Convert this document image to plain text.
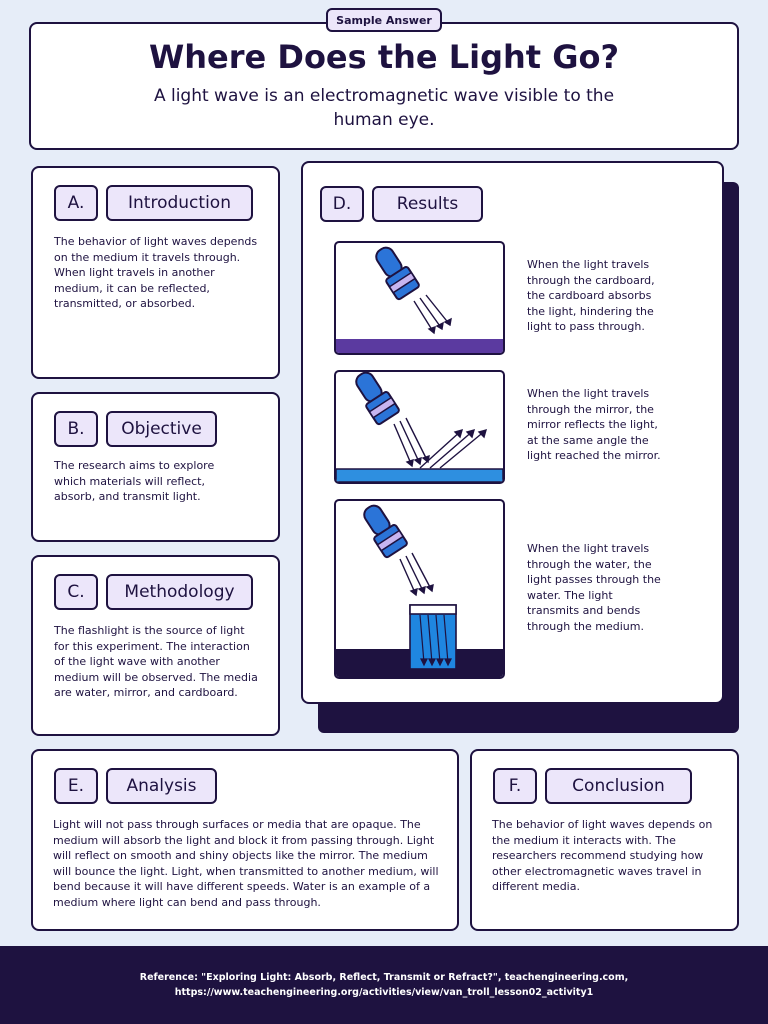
Sample Answer
Where Does the Light Go?
A light wave is an electromagnetic wave visible to the human eye.
A.	Introduction
The behavior of light waves depends on the medium it travels through. When light travels in another medium, it can be reflected, transmitted, or absorbed.
B.	Objective
The research aims to explore which materials will reflect, absorb, and transmit light.
C.	Methodology
The flashlight is the source of light for this experiment. The interaction of the light wave with another medium will be observed. The media are water, mirror, and cardboard.
D.	Results
When the light travels through the cardboard, the cardboard absorbs the light, hindering the light to pass through.
When the light travels through the mirror, the mirror reflects the light, at the same angle the light reached the mirror.
When the light travels through the water, the light passes through the water. The light transmits and bends through the medium.
E.	Analysis
Light will not pass through surfaces or media that are opaque. The medium will absorb the light and block it from passing through. Light will reflect on smooth and shiny objects like the mirror. The medium will bounce the light. Light, when transmitted to another medium, will bend because it will have different speeds. Water is an example of a medium where light can bend and pass through.
F.	Conclusion
The behavior of light waves depends on the medium it interacts with. The researchers recommend studying how other electromagnetic waves travel in different media.
Reference: "Exploring Light: Absorb, Reflect, Transmit or Refract?", teachengineering.com,
https://www.teachengineering.org/activities/view/van_troll_lesson02_activity1
